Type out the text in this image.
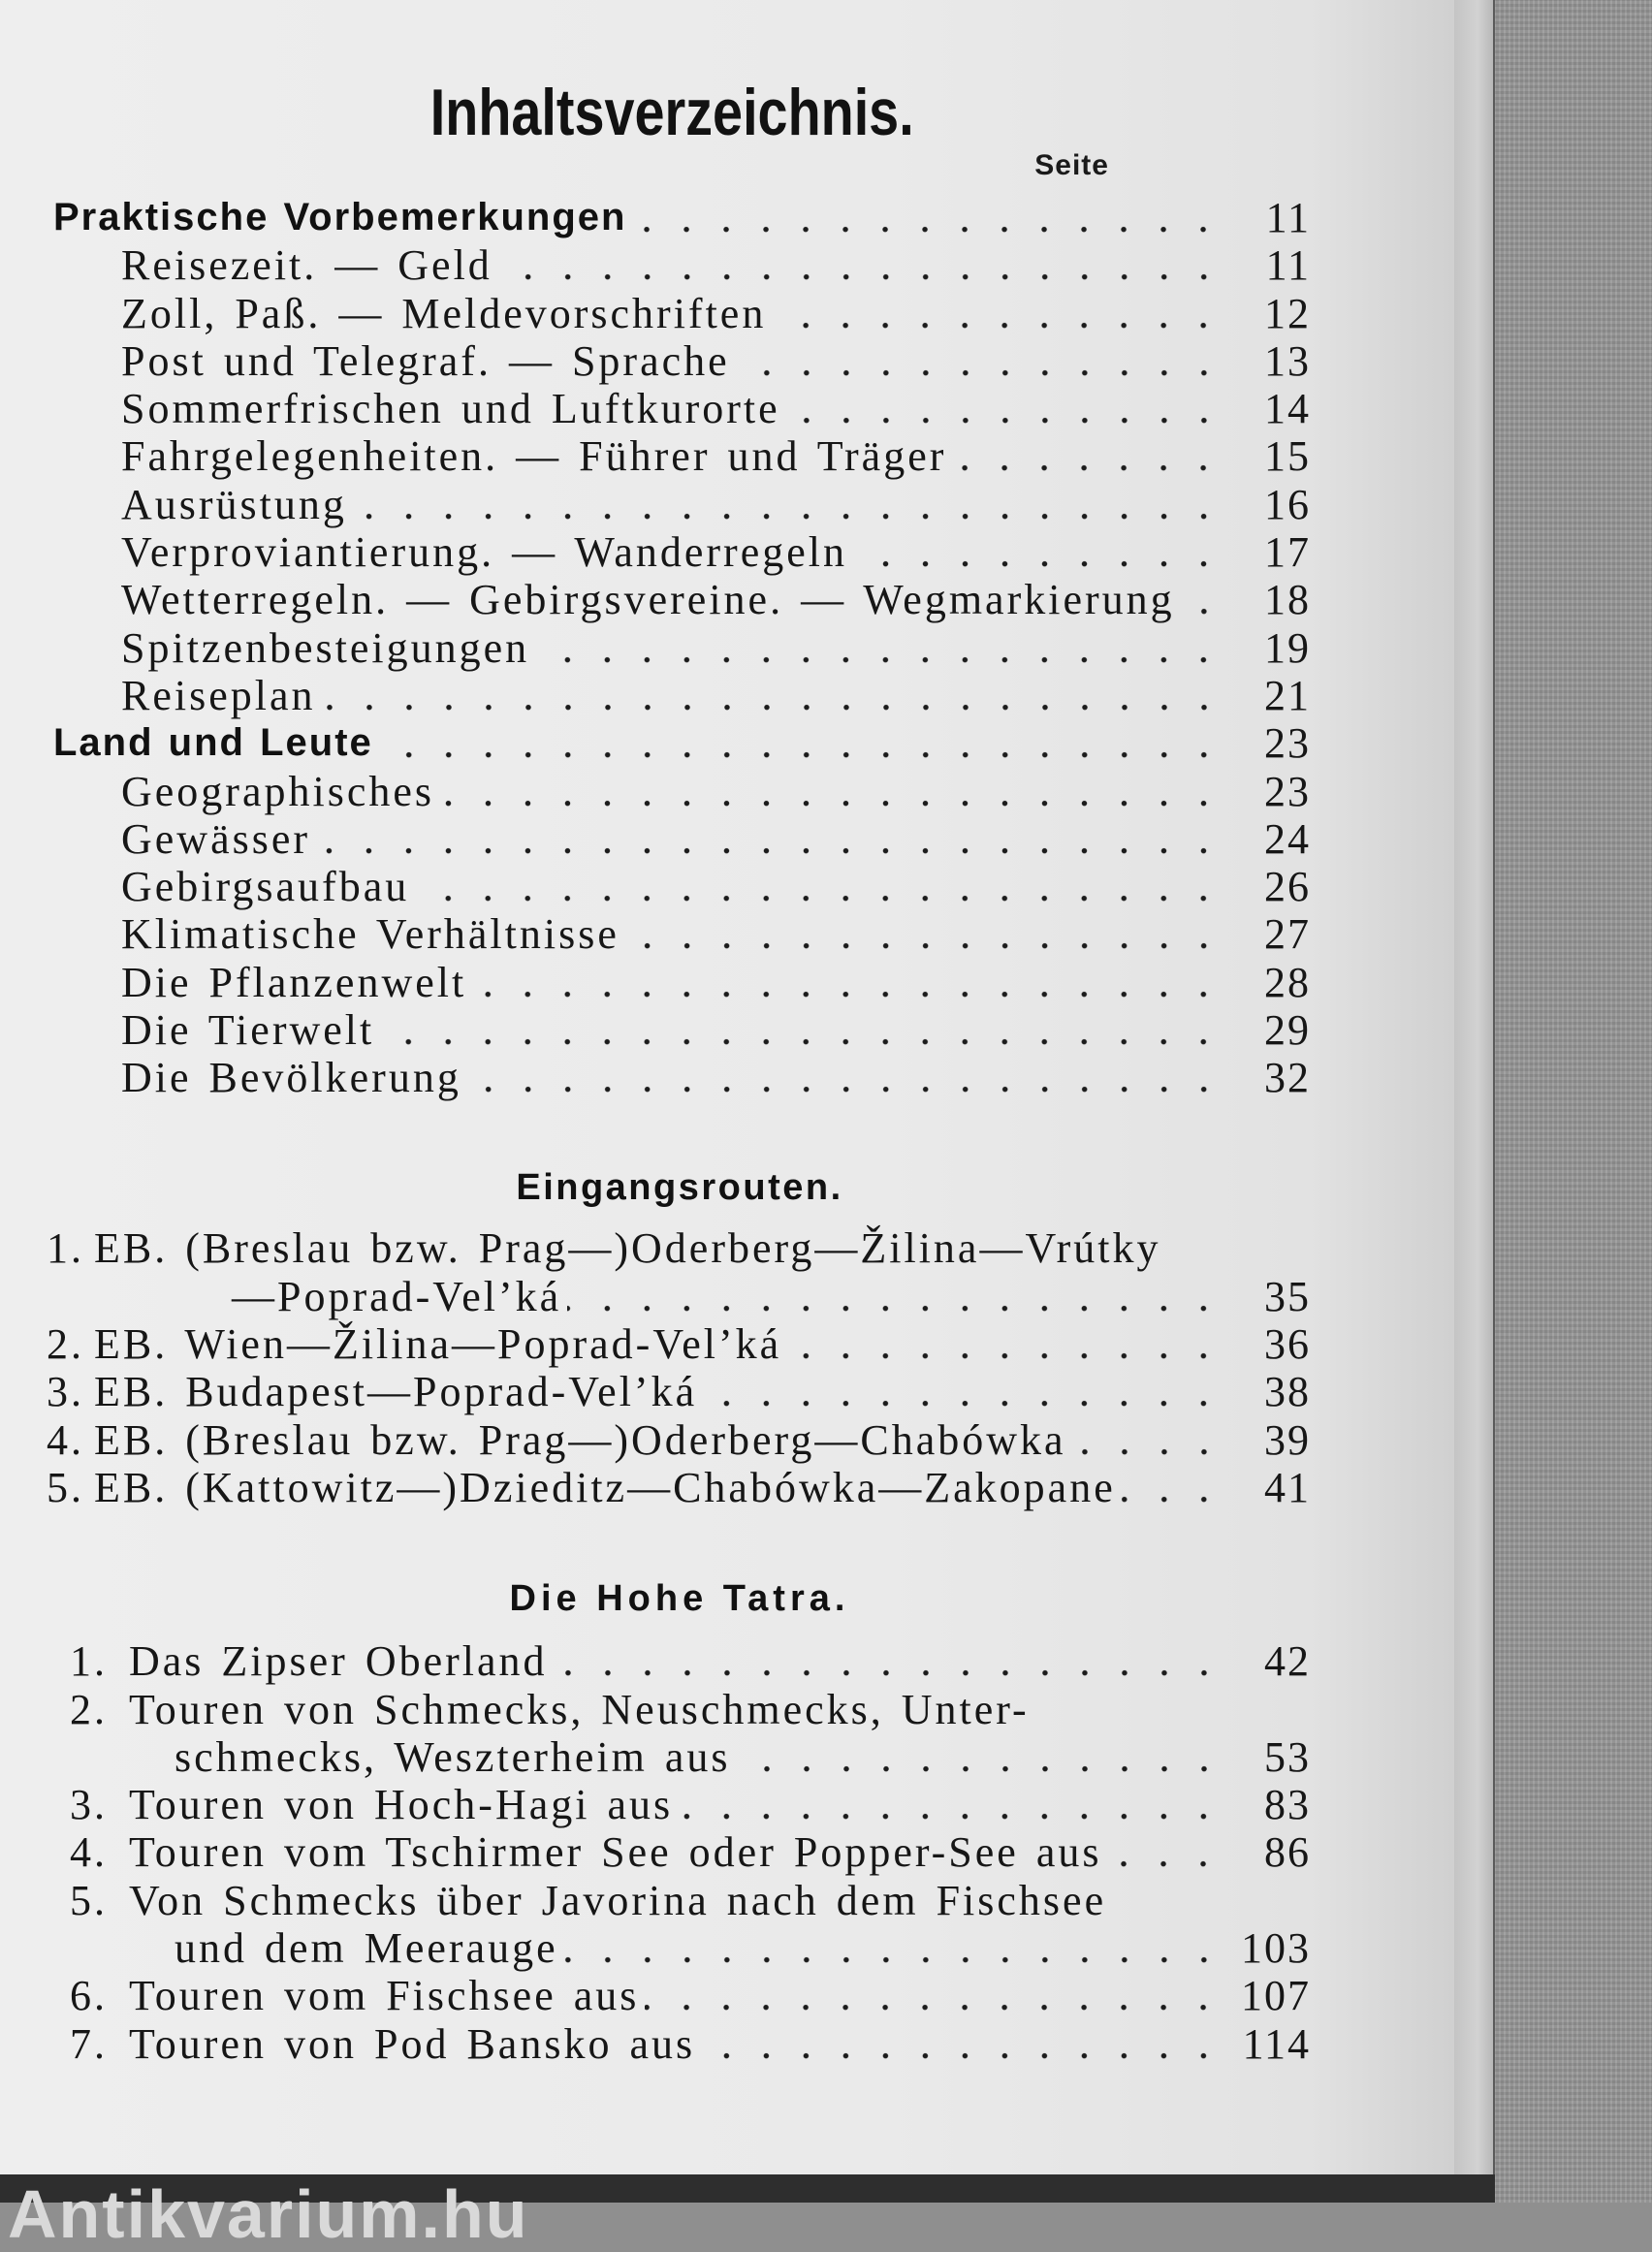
Inhaltsverzeichnis.
Seite
Praktische Vorbemerkungen	11
Reisezeit. — Geld	11
Zoll, Paß. — Meldevorschriften	12
Post und Telegraf. — Sprache	13
Sommerfrischen und Luftkurorte	14
Fahrgelegenheiten. — Führer und Träger	15
Ausrüstung	16
Verproviantierung. — Wanderregeln	17
Wetterregeln. — Gebirgsvereine. — Wegmarkierung	18
Spitzenbesteigungen	19
Reiseplan	21
Land und Leute	23
Geographisches	23
Gewässer	24
Gebirgsaufbau	26
Klimatische Verhältnisse	27
Die Pflanzenwelt	28
Die Tierwelt	29
Die Bevölkerung	32
Eingangsrouten.
1. EB. (Breslau bzw. Prag—)Oderberg—Žilina—Vrútky
—Poprad-Vel’ká	35
2. EB. Wien—Žilina—Poprad-Vel’ká	36
3. EB. Budapest—Poprad-Vel’ká	38
4. EB. (Breslau bzw. Prag—)Oderberg—Chabówka	39
5. EB. (Kattowitz—)Dzieditz—Chabówka—Zakopane	41
Die Hohe Tatra.
1. Das Zipser Oberland	42
2. Touren von Schmecks, Neuschmecks, Unter-
schmecks, Weszterheim aus	53
3. Touren von Hoch-Hagi aus	83
4. Touren vom Tschirmer See oder Popper-See aus	86
5. Von Schmecks über Javorina nach dem Fischsee
und dem Meerauge	103
6. Touren vom Fischsee aus	107
7. Touren von Pod Bansko aus	114
Antikvarium.hu
